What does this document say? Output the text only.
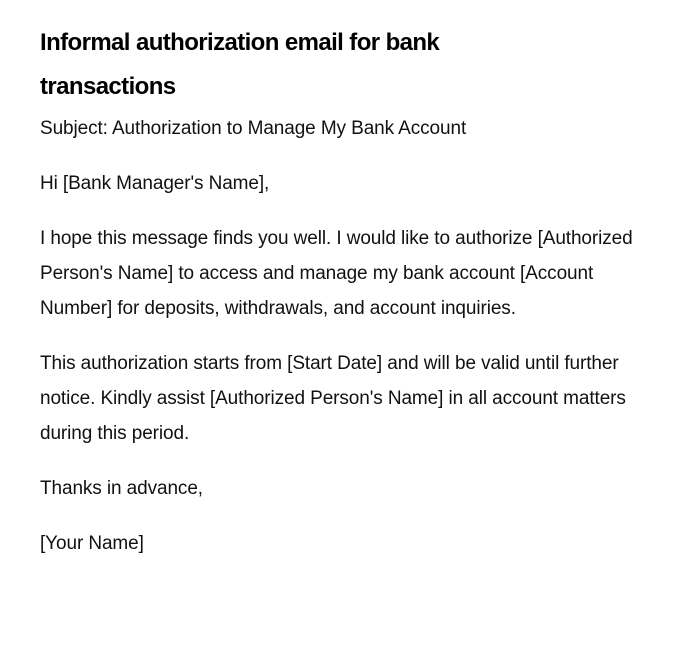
Informal authorization email for bank transactions

Subject: Authorization to Manage My Bank Account

Hi [Bank Manager's Name],

I hope this message finds you well. I would like to authorize [Authorized Person's Name] to access and manage my bank account [Account Number] for deposits, withdrawals, and account inquiries.

This authorization starts from [Start Date] and will be valid until further notice. Kindly assist [Authorized Person's Name] in all account matters during this period.

Thanks in advance,

[Your Name]
